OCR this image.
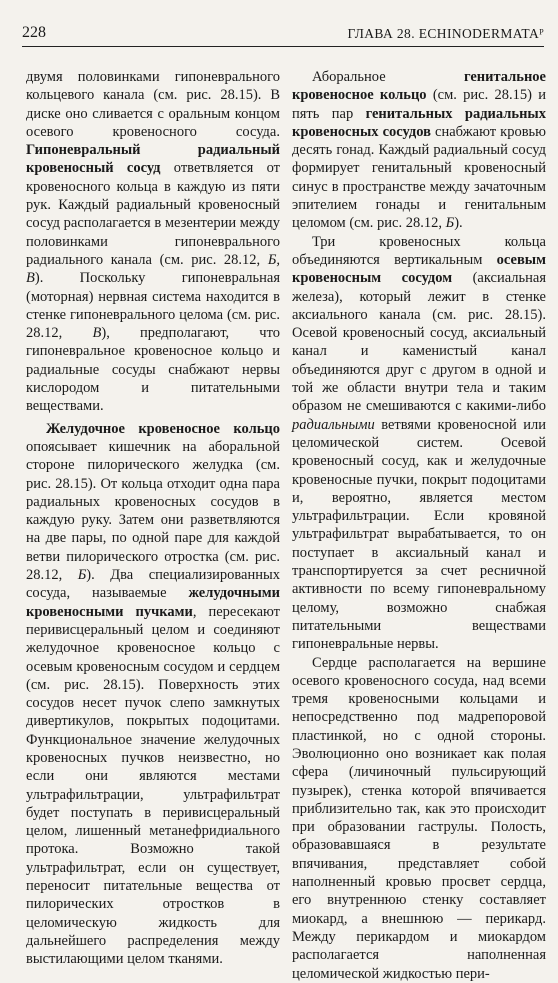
228	ГЛАВА 28. ECHINODERMATAᴾ

двумя половинками гипоневрального кольцевого канала (см. рис. 28.15). В диске оно сливается с оральным концом осевого кровеносного сосуда. Гипоневральный радиальный кровеносный сосуд ответвляется от кровеносного кольца в каждую из пяти рук. Каждый радиальный кровеносный сосуд располагается в мезентерии между половинками гипоневрального радиального канала (см. рис. 28.12, Б, В). Поскольку гипоневральная (моторная) нервная система находится в стенке гипоневрального целома (см. рис. 28.12, В), предполагают, что гипоневральное кровеносное кольцо и радиальные сосуды снабжают нервы кислородом и питательными веществами.

Желудочное кровеносное кольцо опоясывает кишечник на аборальной стороне пилорического желудка (см. рис. 28.15). От кольца отходит одна пара радиальных кровеносных сосудов в каждую руку. Затем они разветвляются на две пары, по одной паре для каждой ветви пилорического отростка (см. рис. 28.12, Б). Два специализированных сосуда, называемые желудочными кровеносными пучками, пересекают перивисцеральный целом и соединяют желудочное кровеносное кольцо с осевым кровеносным сосудом и сердцем (см. рис. 28.15). Поверхность этих сосудов несет пучок слепо замкнутых дивертикулов, покрытых подоцитами. Функциональное значение желудочных кровеносных пучков неизвестно, но если они являются местами ультрафильтрации, ультрафильтрат будет поступать в перивисцеральный целом, лишенный метанефридиального протока. Возможно такой ультрафильтрат, если он существует, переносит питательные вещества от пилорических отростков в целомическую жидкость для дальнейшего распределения между выстилающими целом тканями.

Аборальное генитальное кровеносное кольцо (см. рис. 28.15) и пять пар генитальных радиальных кровеносных сосудов снабжают кровью десять гонад. Каждый радиальный сосуд формирует генитальный кровеносный синус в пространстве между зачаточным эпителием гонады и генитальным целомом (см. рис. 28.12, Б).

Три кровеносных кольца объединяются вертикальным осевым кровеносным сосудом (аксиальная железа), который лежит в стенке аксиального канала (см. рис. 28.15). Осевой кровеносный сосуд, аксиальный канал и каменистый канал объединяются друг с другом в одной и той же области внутри тела и таким образом не смешиваются с какими-либо радиальными ветвями кровеносной или целомической систем. Осевой кровеносный сосуд, как и желудочные кровеносные пучки, покрыт подоцитами и, вероятно, является местом ультрафильтрации. Если кровяной ультрафильтрат вырабатывается, то он поступает в аксиальный канал и транспортируется за счет ресничной активности по всему гипоневральному целому, возможно снабжая питательными веществами гипоневральные нервы.

Сердце располагается на вершине осевого кровеносного сосуда, над всеми тремя кровеносными кольцами и непосредственно под мадрепоровой пластинкой, но с одной стороны. Эволюционно оно возникает как полая сфера (личиночный пульсирующий пузырек), стенка которой впячивается приблизительно так, как это происходит при образовании гаструлы. Полость, образовавшаяся в результате впячивания, представляет собой наполненный кровью просвет сердца, его внутреннюю стенку составляет миокард, а внешнюю — перикард. Между перикардом и миокардом располагается наполненная целомической жидкостью пери-
